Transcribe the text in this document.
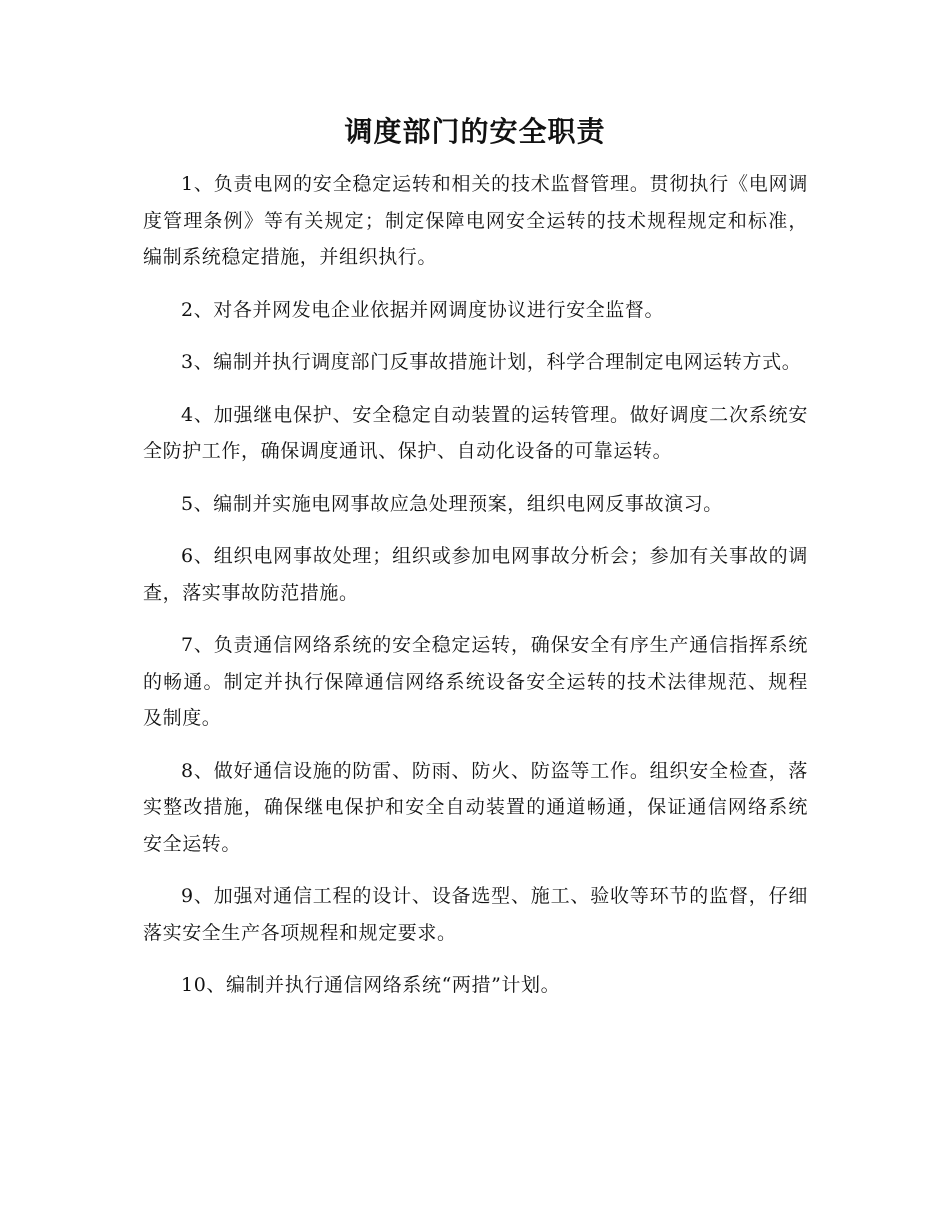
调度部门的安全职责

1、负责电网的安全稳定运转和相关的技术监督管理。贯彻执行《电网调度管理条例》等有关规定；制定保障电网安全运转的技术规程规定和标准，编制系统稳定措施，并组织执行。

2、对各并网发电企业依据并网调度协议进行安全监督。

3、编制并执行调度部门反事故措施计划，科学合理制定电网运转方式。

4、加强继电保护、安全稳定自动装置的运转管理。做好调度二次系统安全防护工作，确保调度通讯、保护、自动化设备的可靠运转。

5、编制并实施电网事故应急处理预案，组织电网反事故演习。

6、组织电网事故处理；组织或参加电网事故分析会；参加有关事故的调查，落实事故防范措施。

7、负责通信网络系统的安全稳定运转，确保安全有序生产通信指挥系统的畅通。制定并执行保障通信网络系统设备安全运转的技术法律规范、规程及制度。

8、做好通信设施的防雷、防雨、防火、防盗等工作。组织安全检查，落实整改措施，确保继电保护和安全自动装置的通道畅通，保证通信网络系统安全运转。

9、加强对通信工程的设计、设备选型、施工、验收等环节的监督，仔细落实安全生产各项规程和规定要求。

10、编制并执行通信网络系统“两措”计划。
